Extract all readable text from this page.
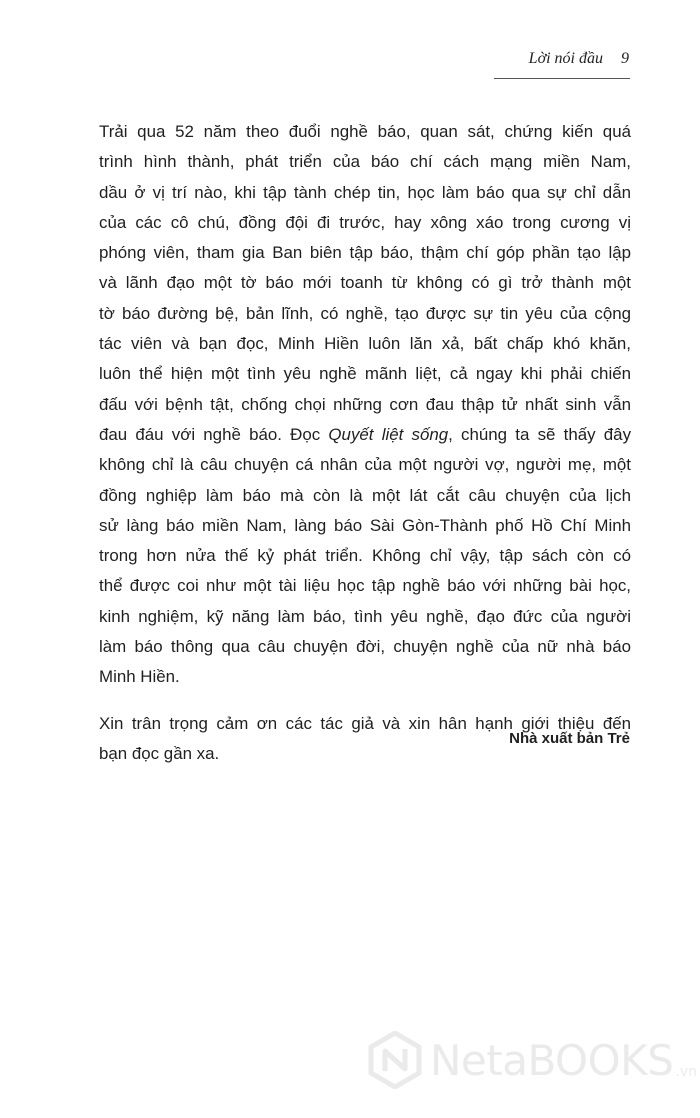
Lời nói đầu 9

Trải qua 52 năm theo đuổi nghề báo, quan sát, chứng kiến quá
trình hình thành, phát triển của báo chí cách mạng miền Nam,
dầu ở vị trí nào, khi tập tành chép tin, học làm báo qua sự chỉ dẫn
của các cô chú, đồng đội đi trước, hay xông xáo trong cương vị
phóng viên, tham gia Ban biên tập báo, thậm chí góp phần tạo lập
và lãnh đạo một tờ báo mới toanh từ không có gì trở thành một
tờ báo đường bệ, bản lĩnh, có nghề, tạo được sự tin yêu của cộng
tác viên và bạn đọc, Minh Hiền luôn lăn xả, bất chấp khó khăn,
luôn thể hiện một tình yêu nghề mãnh liệt, cả ngay khi phải chiến
đấu với bệnh tật, chống chọi những cơn đau thập tử nhất sinh vẫn
đau đáu với nghề báo. Đọc Quyết liệt sống, chúng ta sẽ thấy đây
không chỉ là câu chuyện cá nhân của một người vợ, người mẹ, một
đồng nghiệp làm báo mà còn là một lát cắt câu chuyện của lịch
sử làng báo miền Nam, làng báo Sài Gòn-Thành phố Hồ Chí Minh
trong hơn nửa thế kỷ phát triển. Không chỉ vậy, tập sách còn có
thể được coi như một tài liệu học tập nghề báo với những bài học,
kinh nghiệm, kỹ năng làm báo, tình yêu nghề, đạo đức của người
làm báo thông qua câu chuyện đời, chuyện nghề của nữ nhà báo
Minh Hiền.

Xin trân trọng cảm ơn các tác giả và xin hân hạnh giới thiệu đến
bạn đọc gần xa.

Nhà xuất bản Trẻ
NetaBOOKS .vn
